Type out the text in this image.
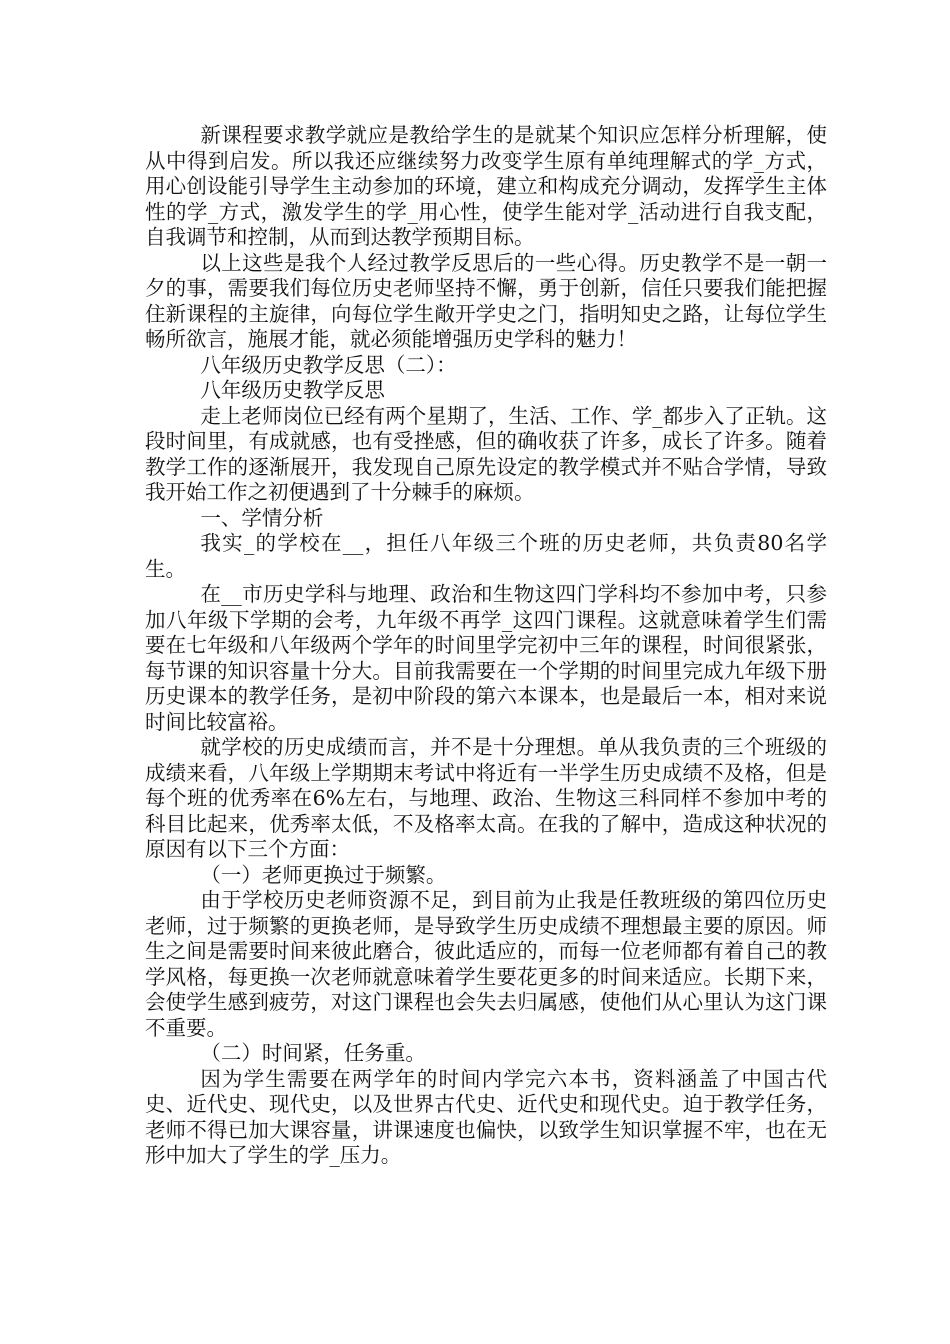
新课程要求教学就应是教给学生的是就某个知识应怎样分析理解，使从中得到启发。所以我还应继续努力改变学生原有单纯理解式的学_方式，用心创设能引导学生主动参加的环境，建立和构成充分调动，发挥学生主体性的学_方式，激发学生的学_用心性，使学生能对学_活动进行自我支配，自我调节和控制，从而到达教学预期目标。

以上这些是我个人经过教学反思后的一些心得。历史教学不是一朝一夕的事，需要我们每位历史老师坚持不懈，勇于创新，信任只要我们能把握住新课程的主旋律，向每位学生敞开学史之门，指明知史之路，让每位学生畅所欲言，施展才能，就必须能增强历史学科的魅力！

八年级历史教学反思（二）：

八年级历史教学反思

走上老师岗位已经有两个星期了，生活、工作、学_都步入了正轨。这段时间里，有成就感，也有受挫感，但的确收获了许多，成长了许多。随着教学工作的逐渐展开，我发现自己原先设定的教学模式并不贴合学情，导致我开始工作之初便遇到了十分棘手的麻烦。

一、学情分析

我实_的学校在__，担任八年级三个班的历史老师，共负责80名学生。

在__市历史学科与地理、政治和生物这四门学科均不参加中考，只参加八年级下学期的会考，九年级不再学_这四门课程。这就意味着学生们需要在七年级和八年级两个学年的时间里学完初中三年的课程，时间很紧张，每节课的知识容量十分大。目前我需要在一个学期的时间里完成九年级下册历史课本的教学任务，是初中阶段的第六本课本，也是最后一本，相对来说时间比较富裕。

就学校的历史成绩而言，并不是十分理想。单从我负责的三个班级的成绩来看，八年级上学期期末考试中将近有一半学生历史成绩不及格，但是每个班的优秀率在6%左右，与地理、政治、生物这三科同样不参加中考的科目比起来，优秀率太低，不及格率太高。在我的了解中，造成这种状况的原因有以下三个方面：

（一）老师更换过于频繁。

由于学校历史老师资源不足，到目前为止我是任教班级的第四位历史老师，过于频繁的更换老师，是导致学生历史成绩不理想最主要的原因。师生之间是需要时间来彼此磨合，彼此适应的，而每一位老师都有着自己的教学风格，每更换一次老师就意味着学生要花更多的时间来适应。长期下来，会使学生感到疲劳，对这门课程也会失去归属感，使他们从心里认为这门课不重要。

（二）时间紧，任务重。

因为学生需要在两学年的时间内学完六本书，资料涵盖了中国古代史、近代史、现代史，以及世界古代史、近代史和现代史。迫于教学任务，老师不得已加大课容量，讲课速度也偏快，以致学生知识掌握不牢，也在无形中加大了学生的学_压力。
